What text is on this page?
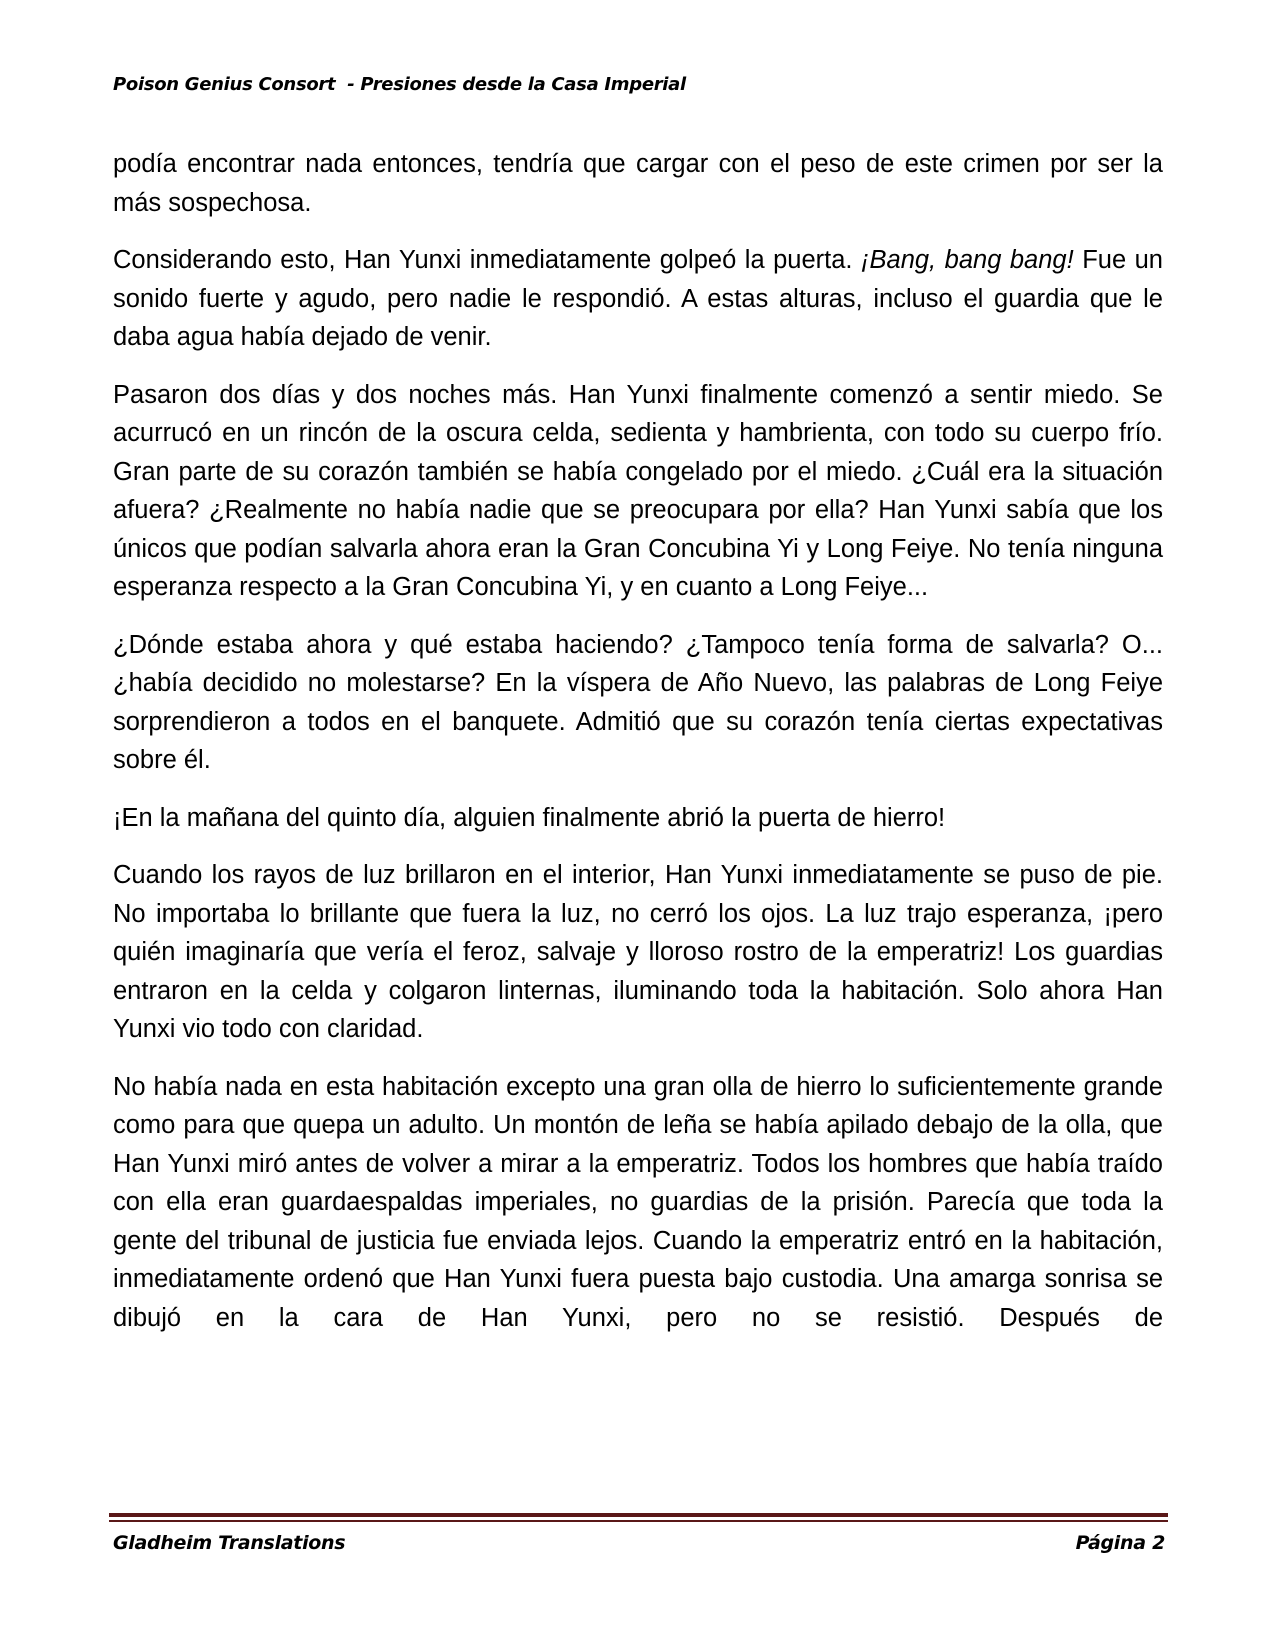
Poison Genius Consort  - Presiones desde la Casa Imperial

podía encontrar nada entonces, tendría que cargar con el peso de este crimen por ser la más sospechosa.

Considerando esto, Han Yunxi inmediatamente golpeó la puerta. ¡Bang, bang bang! Fue un sonido fuerte y agudo, pero nadie le respondió. A estas alturas, incluso el guardia que le daba agua había dejado de venir.

Pasaron dos días y dos noches más. Han Yunxi finalmente comenzó a sentir miedo. Se acurrucó en un rincón de la oscura celda, sedienta y hambrienta, con todo su cuerpo frío. Gran parte de su corazón también se había congelado por el miedo. ¿Cuál era la situación afuera? ¿Realmente no había nadie que se preocupara por ella? Han Yunxi sabía que los únicos que podían salvarla ahora eran la Gran Concubina Yi y Long Feiye. No tenía ninguna esperanza respecto a la Gran Concubina Yi, y en cuanto a Long Feiye...

¿Dónde estaba ahora y qué estaba haciendo? ¿Tampoco tenía forma de salvarla? O... ¿había decidido no molestarse? En la víspera de Año Nuevo, las palabras de Long Feiye sorprendieron a todos en el banquete. Admitió que su corazón tenía ciertas expectativas sobre él.

¡En la mañana del quinto día, alguien finalmente abrió la puerta de hierro!

Cuando los rayos de luz brillaron en el interior, Han Yunxi inmediatamente se puso de pie. No importaba lo brillante que fuera la luz, no cerró los ojos. La luz trajo esperanza, ¡pero quién imaginaría que vería el feroz, salvaje y lloroso rostro de la emperatriz! Los guardias entraron en la celda y colgaron linternas, iluminando toda la habitación. Solo ahora Han Yunxi vio todo con claridad.

No había nada en esta habitación excepto una gran olla de hierro lo suficientemente grande como para que quepa un adulto. Un montón de leña se había apilado debajo de la olla, que Han Yunxi miró antes de volver a mirar a la emperatriz. Todos los hombres que había traído con ella eran guardaespaldas imperiales, no guardias de la prisión. Parecía que toda la gente del tribunal de justicia fue enviada lejos. Cuando la emperatriz entró en la habitación, inmediatamente ordenó que Han Yunxi fuera puesta bajo custodia. Una amarga sonrisa se dibujó en la cara de Han Yunxi, pero no se resistió. Después de

Gladheim Translations	Página 2
